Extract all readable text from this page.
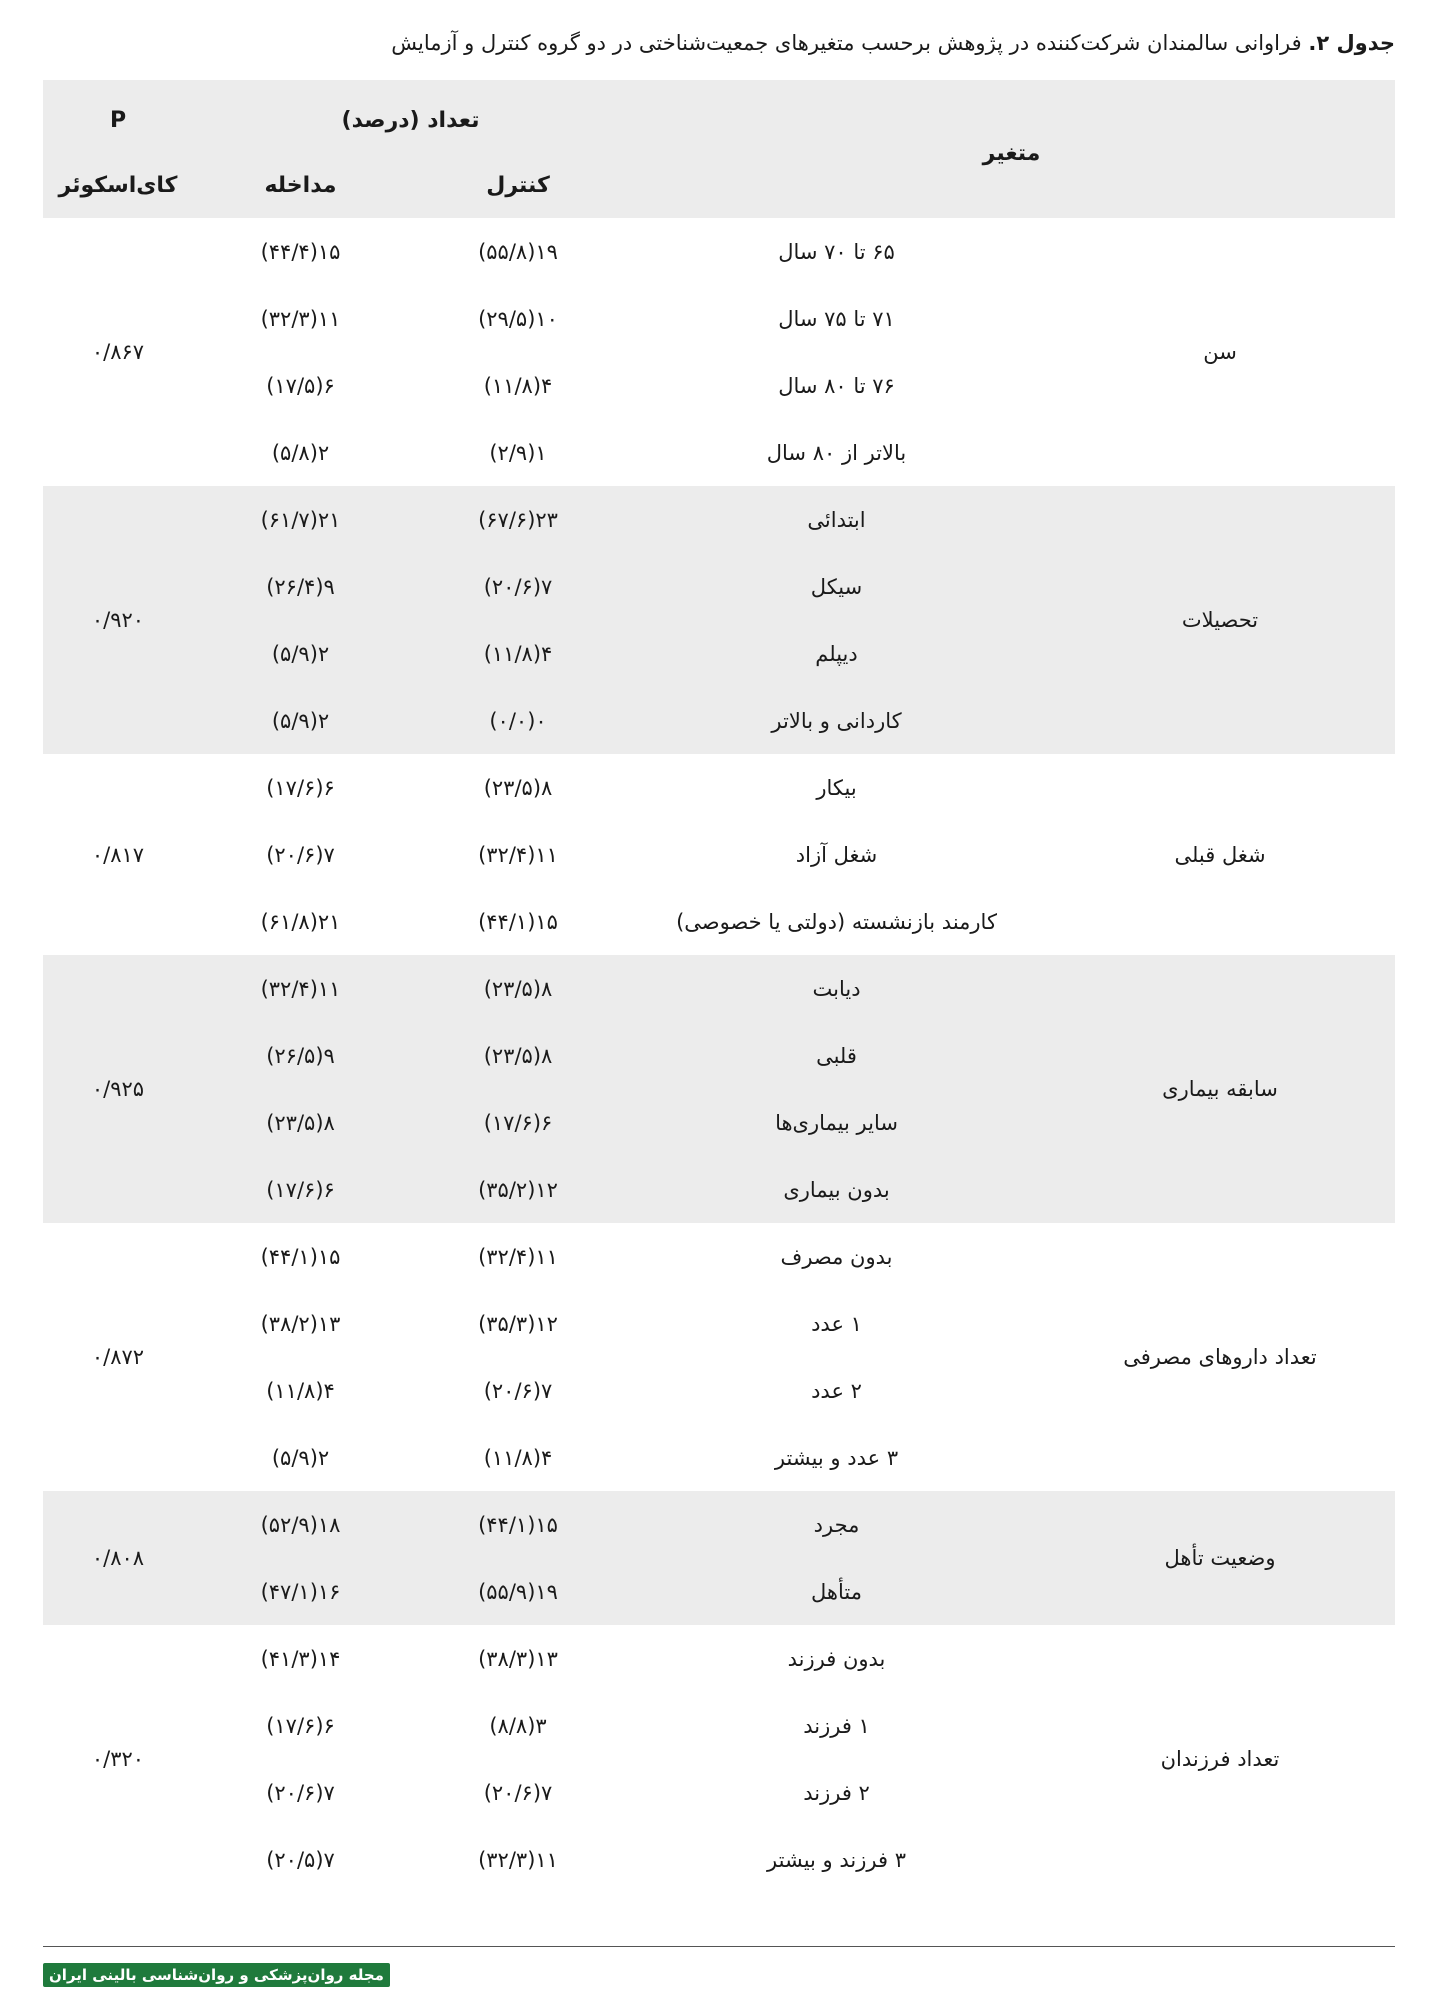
جدول ۲. فراوانی سالمندان شرکت‌کننده در پژوهش برحسب متغیرهای جمعیت‌شناختی در دو گروه کنترل و آزمایش
متغیر		تعداد (درصد)		P
		کنترل	مداخله	کای‌اسکوئر
سن	۶۵ تا ۷۰ سال	۱۹(۵۵/۸)	۱۵(۴۴/۴)	۰/۸۶۷
	۷۱ تا ۷۵ سال	۱۰(۲۹/۵)	۱۱(۳۲/۳)	
	۷۶ تا ۸۰ سال	۴(۱۱/۸)	۶(۱۷/۵)	
	بالاتر از ۸۰ سال	۱(۲/۹)	۲(۵/۸)	
تحصیلات	ابتدائی	۲۳(۶۷/۶)	۲۱(۶۱/۷)	۰/۹۲۰
	سیکل	۷(۲۰/۶)	۹(۲۶/۴)	
	دیپلم	۴(۱۱/۸)	۲(۵/۹)	
	کاردانی و بالاتر	۰(۰/۰)	۲(۵/۹)	
شغل قبلی	بیکار	۸(۲۳/۵)	۶(۱۷/۶)	۰/۸۱۷
	شغل آزاد	۱۱(۳۲/۴)	۷(۲۰/۶)	
	کارمند بازنشسته (دولتی یا خصوصی)	۱۵(۴۴/۱)	۲۱(۶۱/۸)	
سابقه بیماری	دیابت	۸(۲۳/۵)	۱۱(۳۲/۴)	۰/۹۲۵
	قلبی	۸(۲۳/۵)	۹(۲۶/۵)	
	سایر بیماری‌ها	۶(۱۷/۶)	۸(۲۳/۵)	
	بدون بیماری	۱۲(۳۵/۲)	۶(۱۷/۶)	
تعداد داروهای مصرفی	بدون مصرف	۱۱(۳۲/۴)	۱۵(۴۴/۱)	۰/۸۷۲
	۱ عدد	۱۲(۳۵/۳)	۱۳(۳۸/۲)	
	۲ عدد	۷(۲۰/۶)	۴(۱۱/۸)	
	۳ عدد و بیشتر	۴(۱۱/۸)	۲(۵/۹)	
وضعیت تأهل	مجرد	۱۵(۴۴/۱)	۱۸(۵۲/۹)	۰/۸۰۸
	متأهل	۱۹(۵۵/۹)	۱۶(۴۷/۱)	
تعداد فرزندان	بدون فرزند	۱۳(۳۸/۳)	۱۴(۴۱/۳)	۰/۳۲۰
	۱ فرزند	۳(۸/۸)	۶(۱۷/۶)	
	۲ فرزند	۷(۲۰/۶)	۷(۲۰/۶)	
	۳ فرزند و بیشتر	۱۱(۳۲/۳)	۷(۲۰/۵)	
مجله روان‌پزشکی و روان‌شناسی بالینی ایران
